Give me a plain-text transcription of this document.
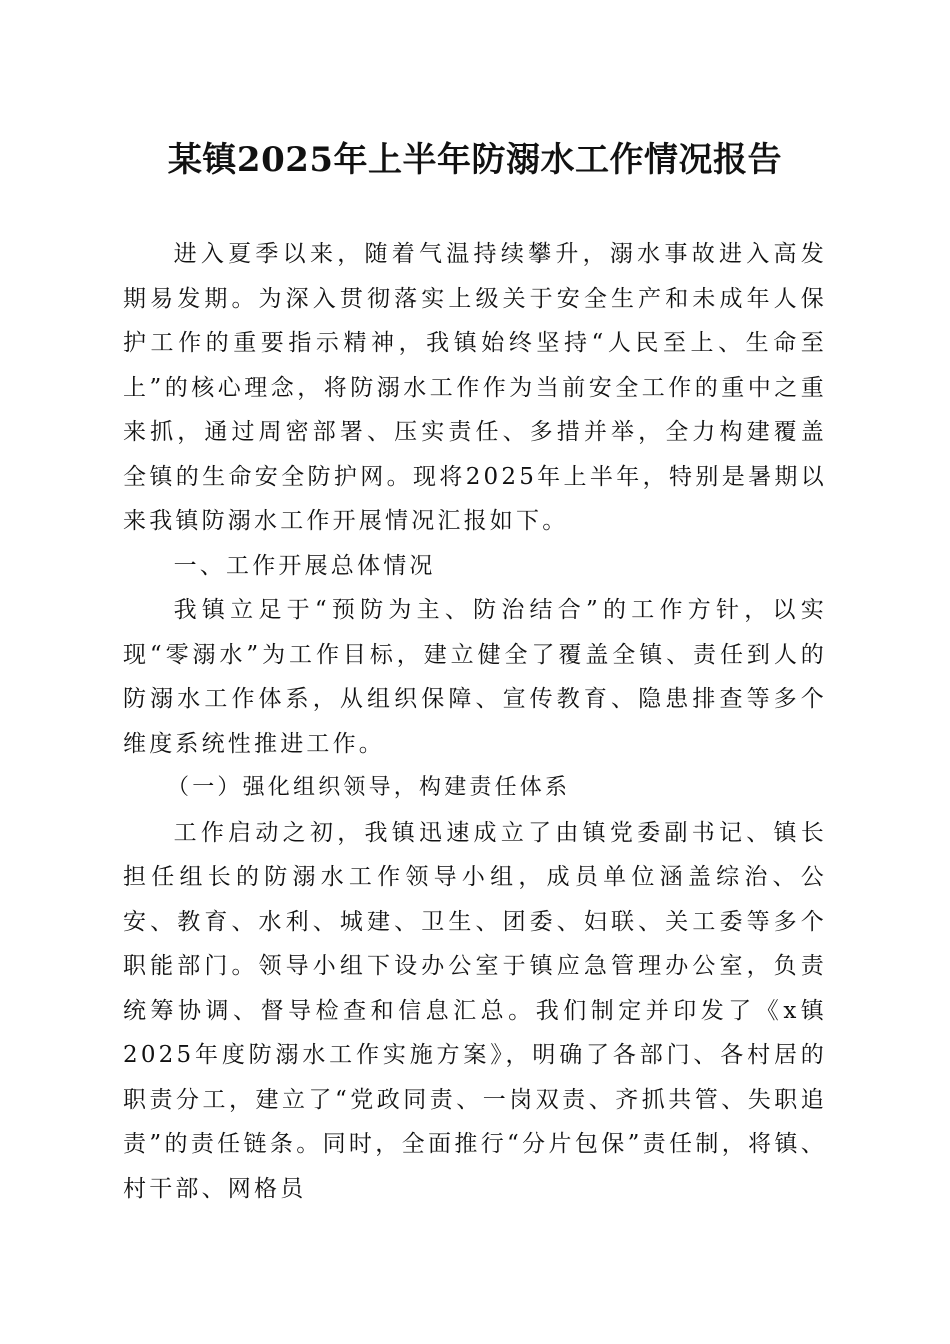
某镇2025年上半年防溺水工作情况报告

进入夏季以来，随着气温持续攀升，溺水事故进入高发期易发期。为深入贯彻落实上级关于安全生产和未成年人保护工作的重要指示精神，我镇始终坚持“人民至上、生命至上”的核心理念，将防溺水工作作为当前安全工作的重中之重来抓，通过周密部署、压实责任、多措并举，全力构建覆盖全镇的生命安全防护网。现将2025年上半年，特别是暑期以来我镇防溺水工作开展情况汇报如下。

一、工作开展总体情况

我镇立足于“预防为主、防治结合”的工作方针，以实现“零溺水”为工作目标，建立健全了覆盖全镇、责任到人的防溺水工作体系，从组织保障、宣传教育、隐患排查等多个维度系统性推进工作。

（一）强化组织领导，构建责任体系

工作启动之初，我镇迅速成立了由镇党委副书记、镇长担任组长的防溺水工作领导小组，成员单位涵盖综治、公安、教育、水利、城建、卫生、团委、妇联、关工委等多个职能部门。领导小组下设办公室于镇应急管理办公室，负责统筹协调、督导检查和信息汇总。我们制定并印发了《x镇2025年度防溺水工作实施方案》，明确了各部门、各村居的职责分工，建立了“党政同责、一岗双责、齐抓共管、失职追责”的责任链条。同时，全面推行“分片包保”责任制，将镇、村干部、网格员
